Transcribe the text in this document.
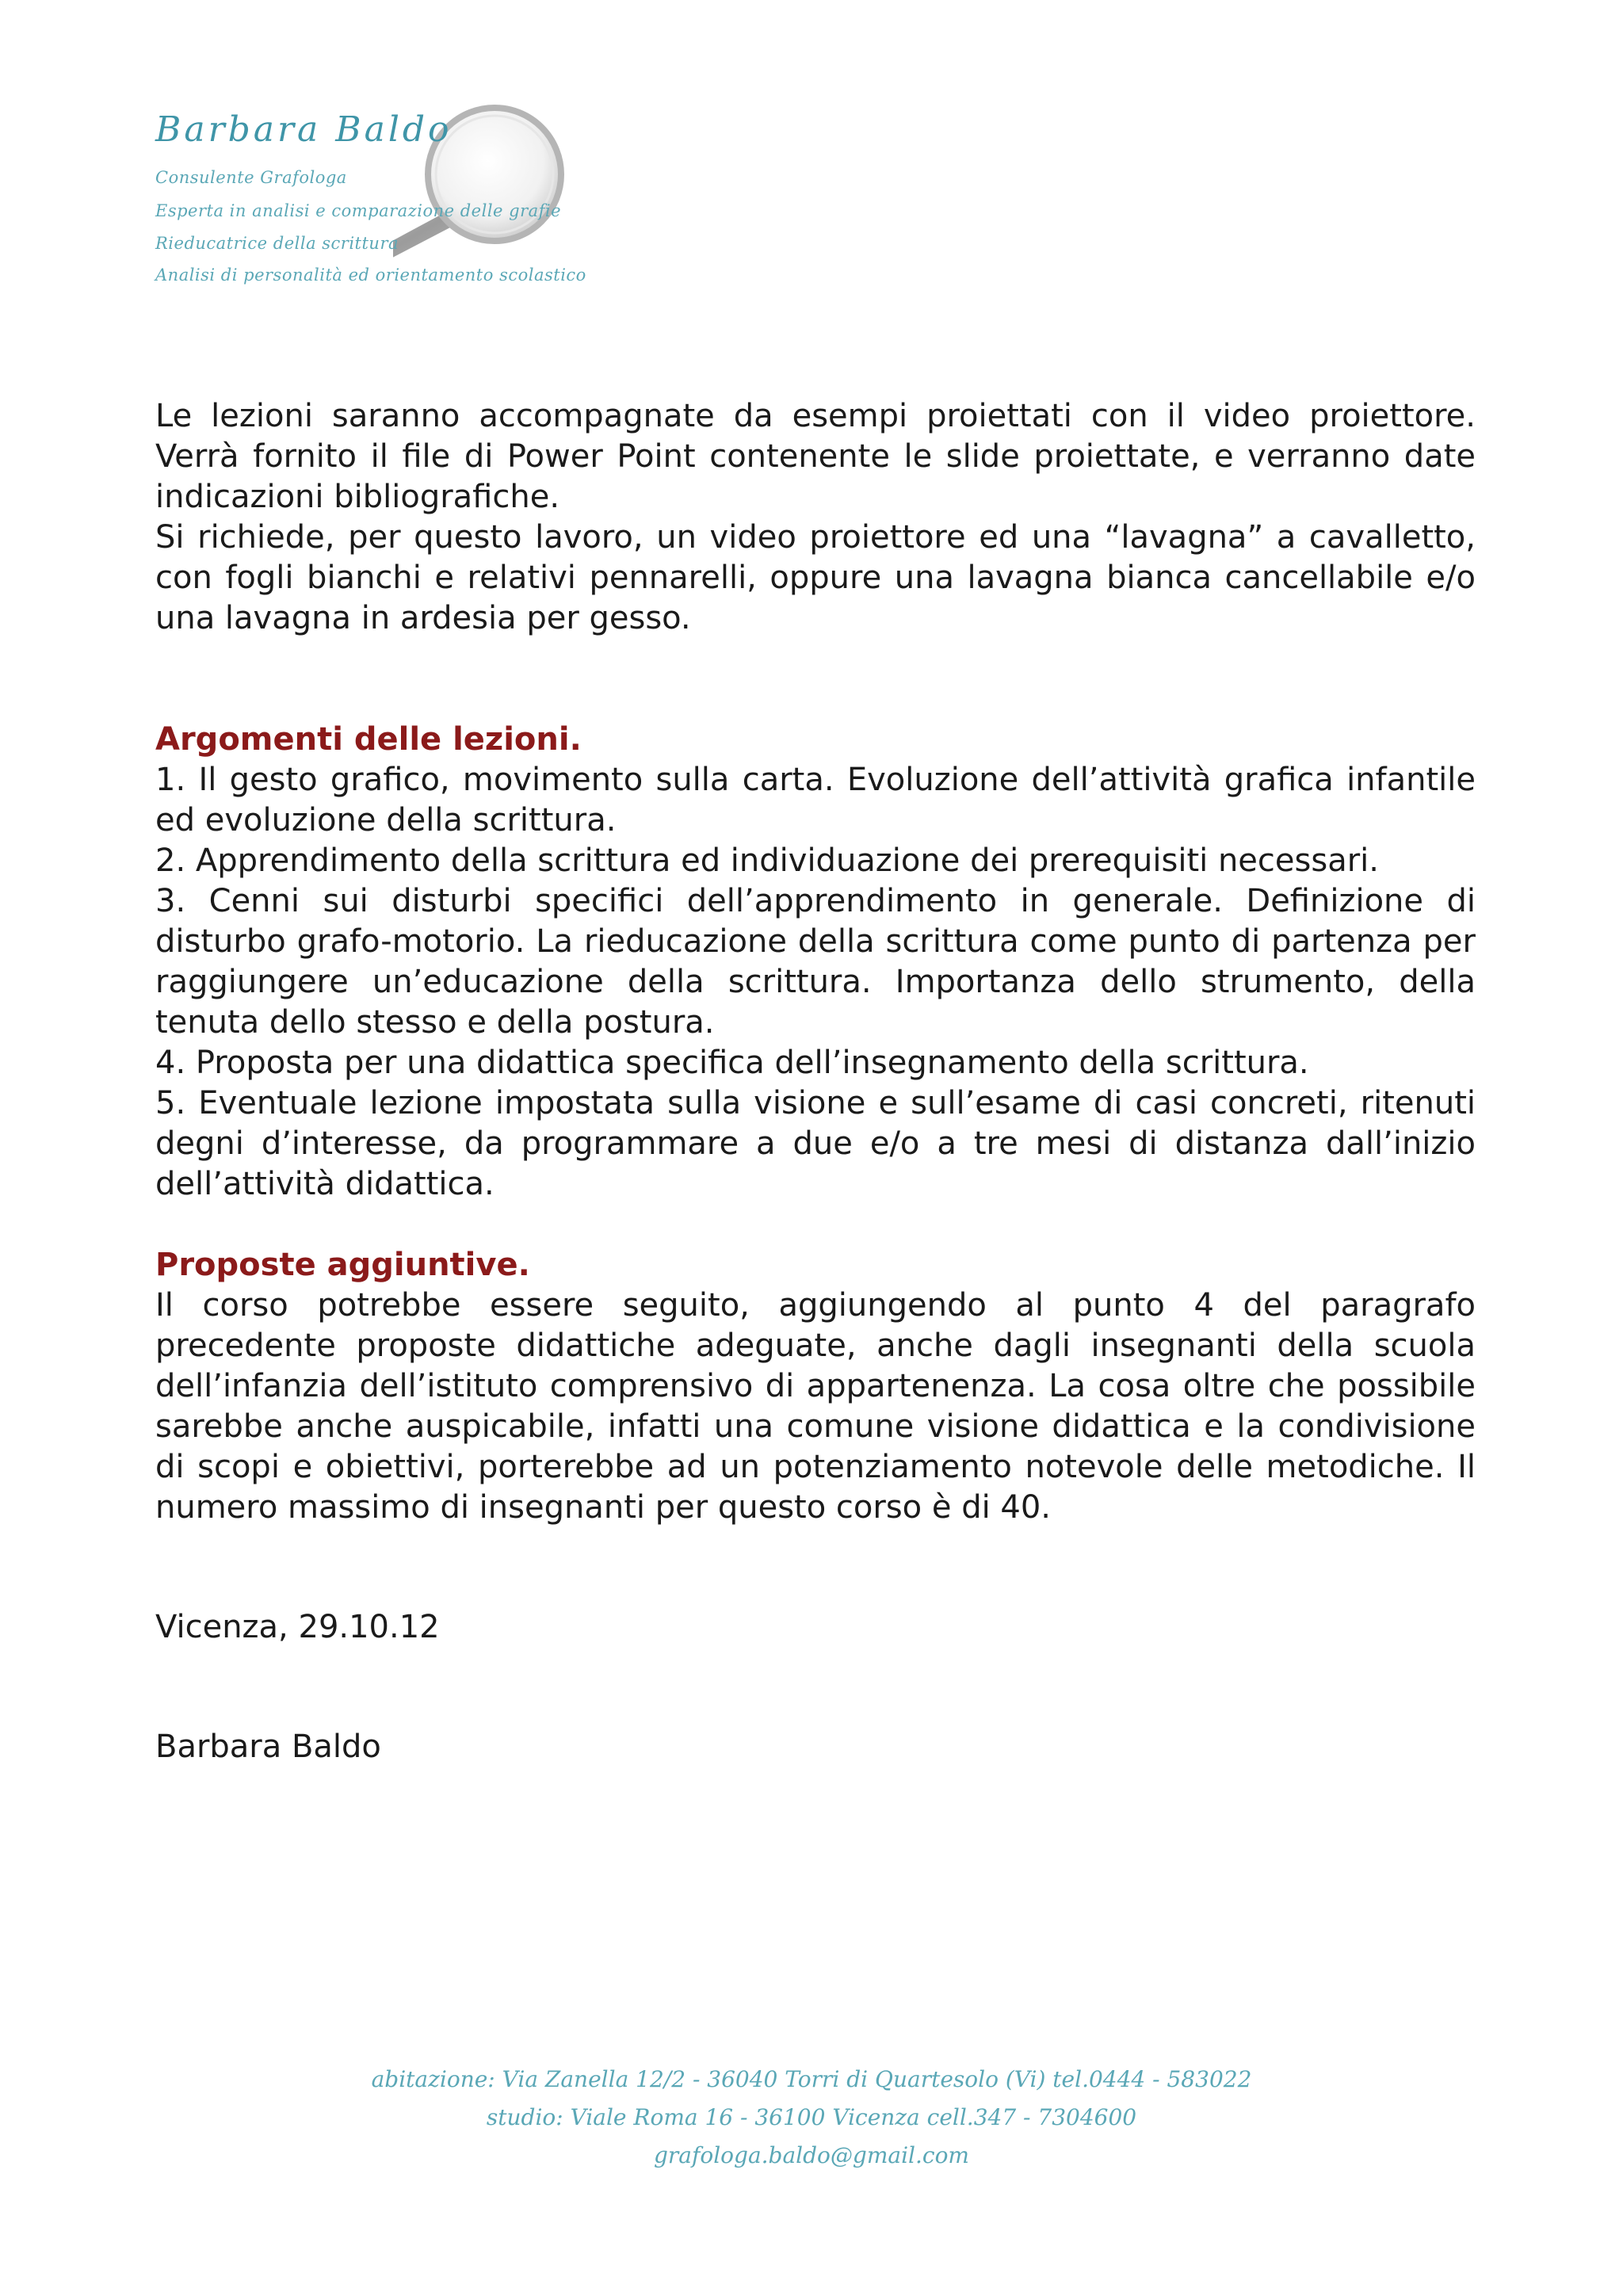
Barbara Baldo
Consulente Grafologa
Esperta in analisi e comparazione delle grafie
Rieducatrice della scrittura
Analisi di personalità ed orientamento scolastico

Le lezioni saranno accompagnate da esempi proiettati con il video proiettore. Verrà fornito il file di Power Point contenente le slide proiettate, e verranno date indicazioni bibliografiche.

Si richiede, per questo lavoro, un video proiettore ed una “lavagna” a cavalletto, con fogli bianchi e relativi pennarelli, oppure una lavagna bianca cancellabile e/o una lavagna in ardesia per gesso.

Argomenti delle lezioni.

1. Il gesto grafico, movimento sulla carta. Evoluzione dell’attività grafica infantile ed evoluzione della scrittura.

2. Apprendimento della scrittura ed individuazione dei prerequisiti necessari.

3. Cenni sui disturbi specifici dell’apprendimento in generale. Definizione di disturbo grafo-motorio. La rieducazione della scrittura come punto di partenza per raggiungere un’educazione della scrittura. Importanza dello strumento, della tenuta dello stesso e della postura.

4. Proposta per una didattica specifica dell’insegnamento della scrittura.

5. Eventuale lezione impostata sulla visione e sull’esame di casi concreti, ritenuti degni d’interesse, da programmare a due e/o a tre mesi di distanza dall’inizio dell’attività didattica.

Proposte aggiuntive.

Il corso potrebbe essere seguito, aggiungendo al punto 4 del paragrafo precedente proposte didattiche adeguate, anche dagli insegnanti della scuola dell’infanzia dell’istituto comprensivo di appartenenza. La cosa oltre che possibile sarebbe anche auspicabile, infatti una comune visione didattica e la condivisione di scopi e obiettivi, porterebbe ad un potenziamento notevole delle metodiche. Il numero massimo di insegnanti per questo corso è di 40.

Vicenza, 29.10.12

Barbara Baldo

abitazione: Via Zanella 12/2 - 36040 Torri di Quartesolo (Vi) tel.0444 - 583022
studio: Viale Roma 16 - 36100 Vicenza cell.347 - 7304600
grafologa.baldo@gmail.com
